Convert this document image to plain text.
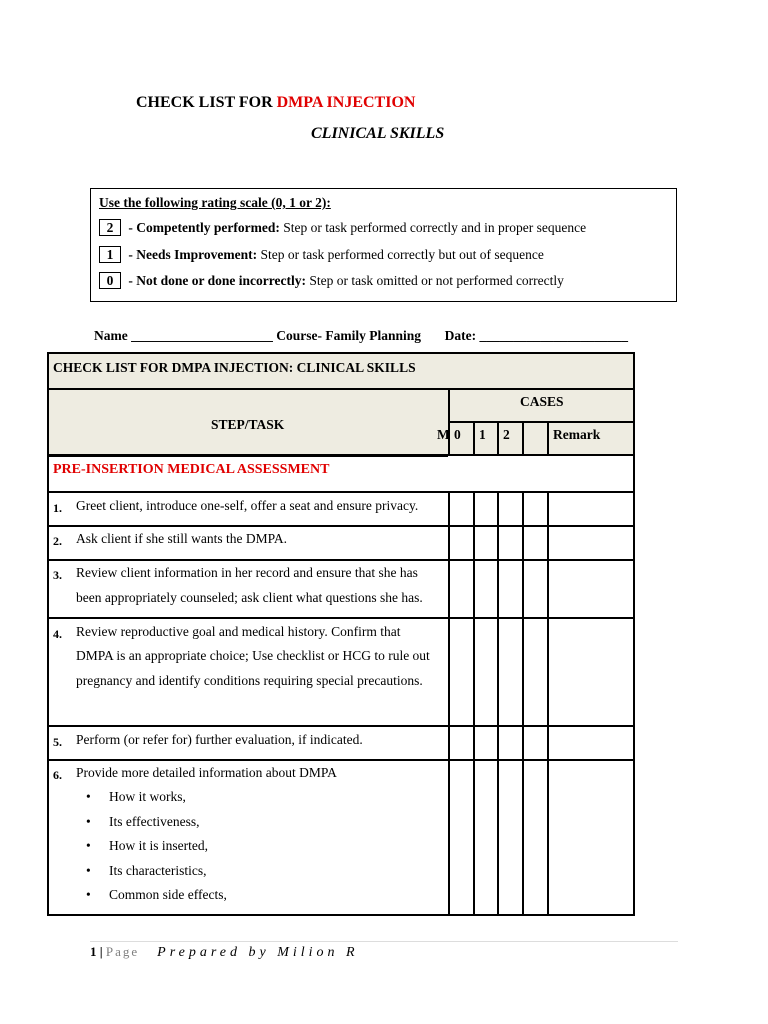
CHECK LIST FOR DMPA INJECTION
CLINICAL SKILLS
Use the following rating scale (0, 1 or 2):
2 - Competently performed: Step or task performed correctly and in proper sequence
1 - Needs Improvement: Step or task performed correctly but out of sequence
0 - Not done or done incorrectly: Step or task omitted or not performed correctly
Name _____________________ Course- Family Planning       Date: ______________________
CHECK LIST FOR DMPA INJECTION: CLINICAL SKILLS
STEP/TASK
CASES
M 0 1 2	Remark
PRE-INSERTION MEDICAL ASSESSMENT
1. Greet client, introduce one-self, offer a seat and ensure privacy.
2. Ask client if she still wants the DMPA.
3. Review client information in her record and ensure that she has
been appropriately counseled; ask client what questions she has.
4. Review reproductive goal and medical history. Confirm that
DMPA is an appropriate choice; Use checklist or HCG to rule out
pregnancy and identify conditions requiring special precautions.
5. Perform (or refer for) further evaluation, if indicated.
6. Provide more detailed information about DMPA
• How it works,
• Its effectiveness,
• How it is inserted,
• Its characteristics,
• Common side effects,
1 | Page Prepared by Milion R
